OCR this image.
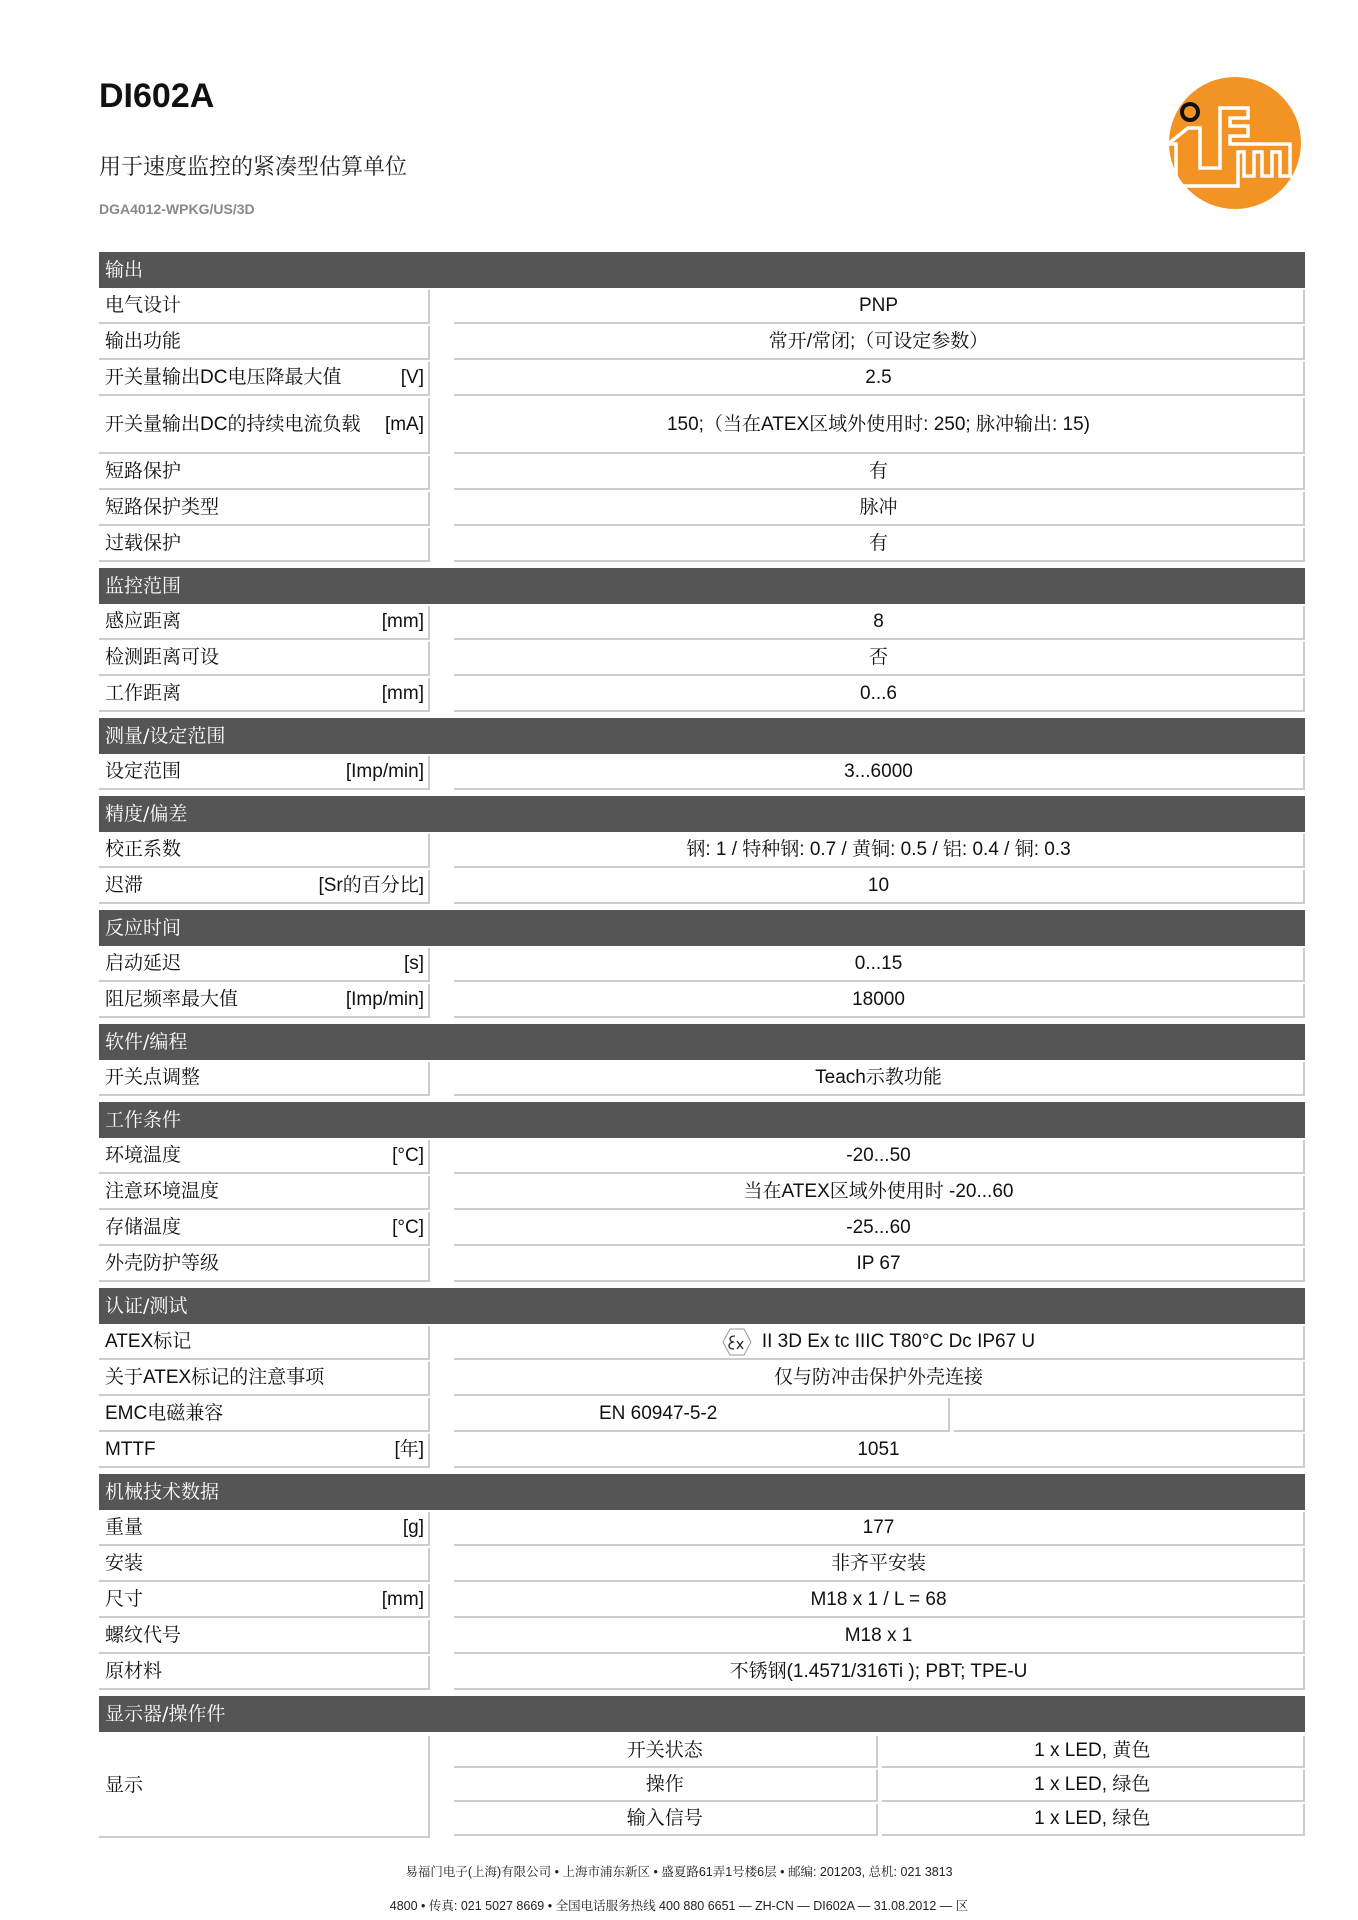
DI602A
用于速度监控的紧凑型估算单位
DGA4012-WPKG/US/3D
输出
电气设计	PNP
输出功能	常开/常闭;（可设定参数）
开关量输出DC电压降最大值	[V]	2.5
开关量输出DC的持续电流负载	[mA]	150;（当在ATEX区域外使用时: 250; 脉冲输出: 15)
短路保护	有
短路保护类型	脉冲
过载保护	有
监控范围
感应距离	[mm]	8
检测距离可设	否
工作距离	[mm]	0...6
测量/设定范围
设定范围	[Imp/min]	3...6000
精度/偏差
校正系数	钢: 1 / 特种钢: 0.7 / 黄铜: 0.5 / 铝: 0.4 / 铜: 0.3
迟滞	[Sr的百分比]	10
反应时间
启动延迟	[s]	0...15
阻尼频率最大值	[Imp/min]	18000
软件/编程
开关点调整	Teach示教功能
工作条件
环境温度	[°C]	-20...50
注意环境温度	当在ATEX区域外使用时 -20...60
存储温度	[°C]	-25...60
外壳防护等级	IP 67
认证/测试
ATEX标记	II 3D Ex tc IIIC T80°C Dc IP67 U
关于ATEX标记的注意事项	仅与防冲击保护外壳连接
EMC电磁兼容	EN 60947-5-2
MTTF	[年]	1051
机械技术数据
重量	[g]	177
安装	非齐平安装
尺寸	[mm]	M18 x 1 / L = 68
螺纹代号	M18 x 1
原材料	不锈钢(1.4571/316Ti ); PBT; TPE-U
显示器/操作件
显示
开关状态	1 x LED, 黄色
操作	1 x LED, 绿色
输入信号	1 x LED, 绿色
易福门电子(上海)有限公司 • 上海市浦东新区 • 盛夏路61弄1号楼6层 • 邮编: 201203, 总机: 021 3813
4800 • 传真: 021 5027 8669 • 全国电话服务热线 400 880 6651 — ZH-CN — DI602A — 31.08.2012 — 区
